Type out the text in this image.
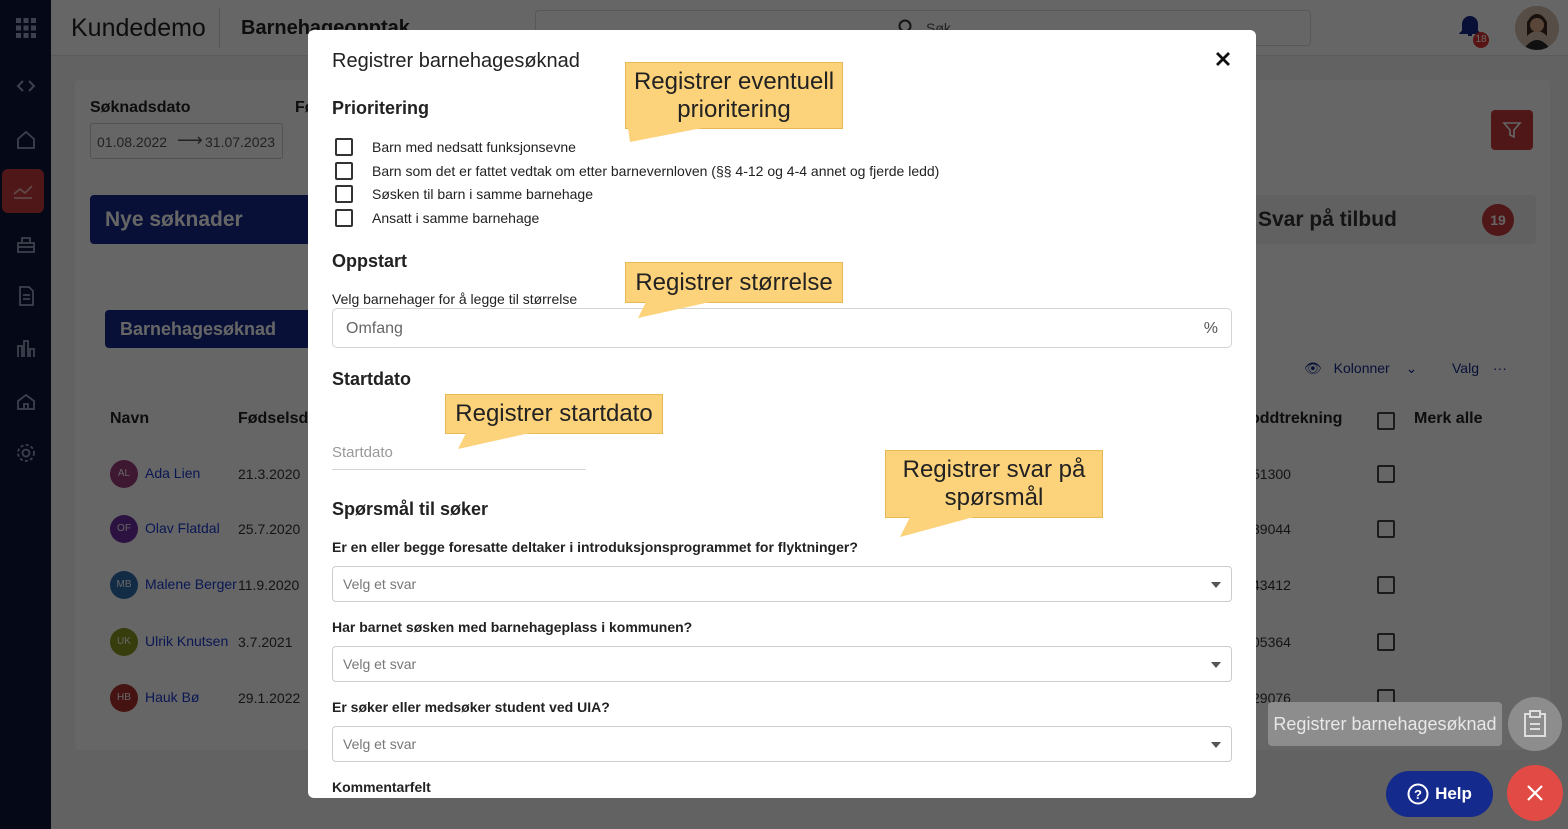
Registrer barnehagesøknad
? Help
Registrer barnehagesøknad
Prioritering
Barn med nedsatt funksjonsevne
Barn som det er fattet vedtak om etter barnevernloven (§§ 4-12 og 4-4 annet og fjerde ledd)
Søsken til barn i samme barnehage
Ansatt i samme barnehage
Oppstart
Velg barnehager for å legge til størrelse
Omfang	%
Startdato
Startdato
Spørsmål til søker
Er en eller begge foresatte deltaker i introduksjonsprogrammet for flyktninger?
Velg et svar
Har barnet søsken med barnehageplass i kommunen?
Velg et svar
Er søker eller medsøker student ved UIA?
Velg et svar
Kommentarfelt
Registrer eventuell prioritering
Registrer størrelse
Registrer startdato
Registrer svar på spørsmål
